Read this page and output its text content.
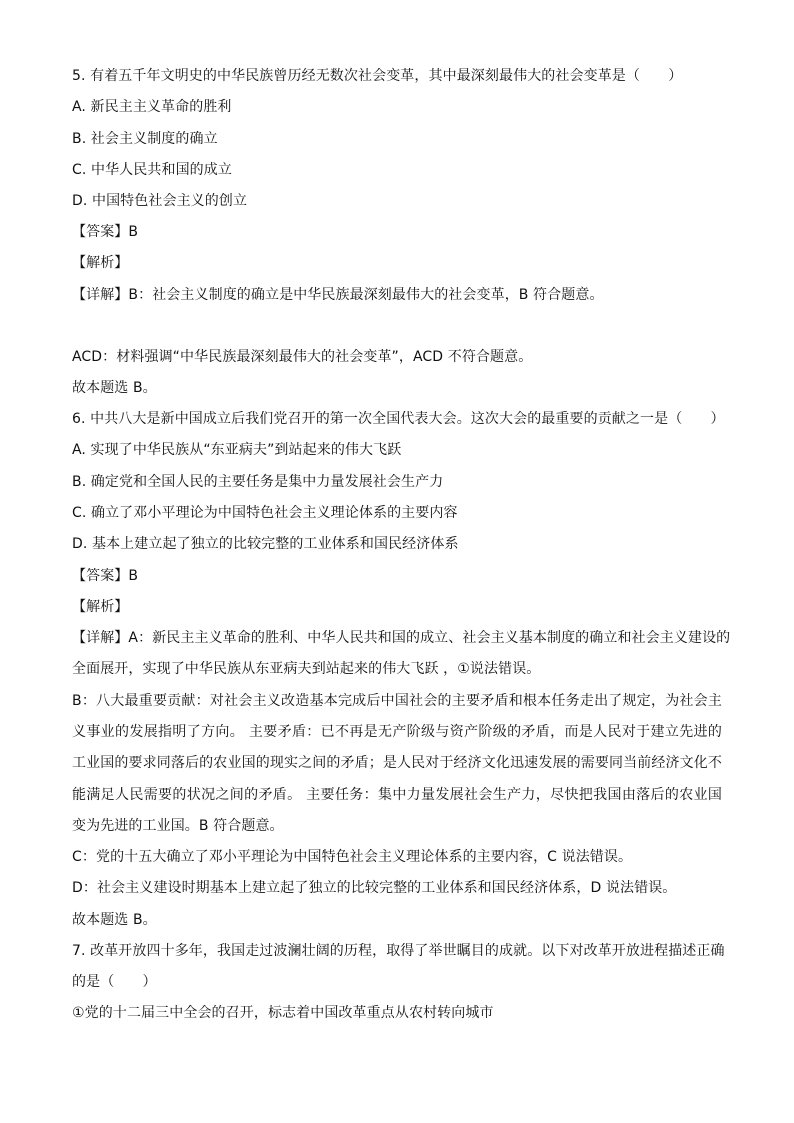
5. 有着五千年文明史的中华民族曾历经无数次社会变革，其中最深刻最伟大的社会变革是（　　）
A. 新民主主义革命的胜利
B. 社会主义制度的确立
C. 中华人民共和国的成立
D. 中国特色社会主义的创立
【答案】B
【解析】
【详解】B：社会主义制度的确立是中华民族最深刻最伟大的社会变革，B 符合题意。
ACD：材料强调“中华民族最深刻最伟大的社会变革”，ACD 不符合题意。
故本题选 B。
6. 中共八大是新中国成立后我们党召开的第一次全国代表大会。这次大会的最重要的贡献之一是（　　）
A. 实现了中华民族从“东亚病夫”到站起来的伟大飞跃
B. 确定党和全国人民的主要任务是集中力量发展社会生产力
C. 确立了邓小平理论为中国特色社会主义理论体系的主要内容
D. 基本上建立起了独立的比较完整的工业体系和国民经济体系
【答案】B
【解析】
【详解】A：新民主主义革命的胜利、中华人民共和国的成立、社会主义基本制度的确立和社会主义建设的
全面展开，实现了中华民族从东亚病夫到站起来的伟大飞跃 ，①说法错误。
B：八大最重要贡献：对社会主义改造基本完成后中国社会的主要矛盾和根本任务走出了规定，为社会主
义事业的发展指明了方向。 主要矛盾：已不再是无产阶级与资产阶级的矛盾，而是人民对于建立先进的
工业国的要求同落后的农业国的现实之间的矛盾；是人民对于经济文化迅速发展的需要同当前经济文化不
能满足人民需要的状况之间的矛盾。 主要任务：集中力量发展社会生产力，尽快把我国由落后的农业国
变为先进的工业国。B 符合题意。
C：党的十五大确立了邓小平理论为中国特色社会主义理论体系的主要内容，C 说法错误。
D：社会主义建设时期基本上建立起了独立的比较完整的工业体系和国民经济体系，D 说法错误。
故本题选 B。
7. 改革开放四十多年，我国走过波澜壮阔的历程，取得了举世瞩目的成就。以下对改革开放进程描述正确
的是（　　）
①党的十二届三中全会的召开，标志着中国改革重点从农村转向城市
